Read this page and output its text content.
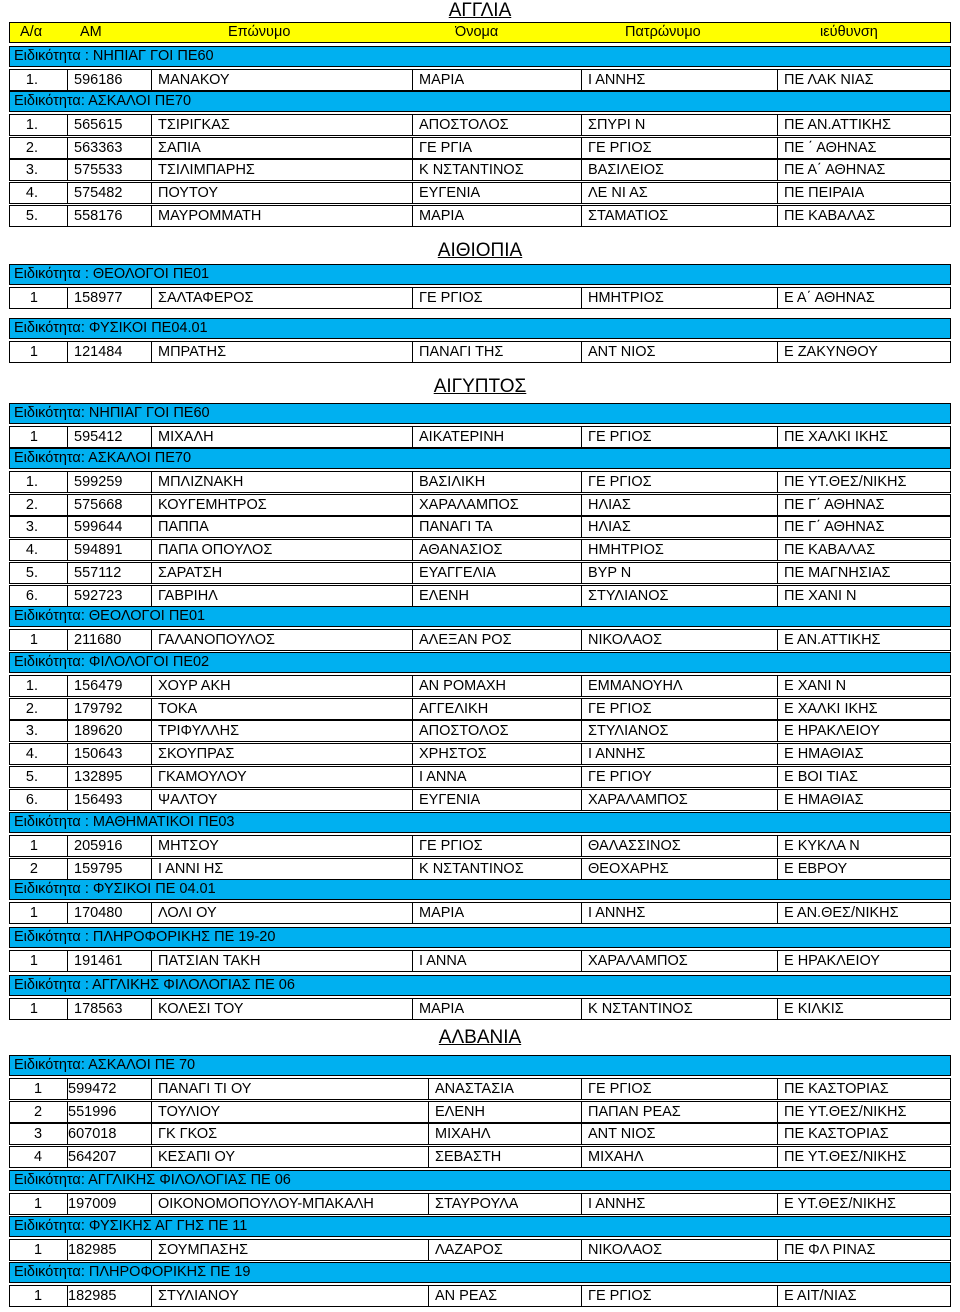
Α/α	ΑΜ	Επώνυμο	Όνομα	Πατρώνυμο	ιεύθυνση
ΑΓΓΛΙΑ
Ειδικότητα : ΝΗΠΙΑΓ ΓΟΙ ΠΕ60
1. 596186 ΜΑΝΑΚΟΥ	ΜΑΡΙΑ	Ι ΑΝΝΗΣ	ΠΕ ΛΑΚ ΝΙΑΣ
Ειδικότητα: ΑΣΚΑΛΟΙ ΠΕ70
1. 565615 ΤΣΙΡΙΓΚΑΣ	ΑΠΟΣΤΟΛΟΣ	ΣΠΥΡΙ Ν	ΠΕ ΑΝ.ΑΤΤΙΚΗΣ
2. 563363 ΣΑΠΙΑ	ΓΕ ΡΓΙΑ	ΓΕ ΡΓΙΟΣ	ΠΕ ΄ ΑΘΗΝΑΣ
3. 575533 ΤΣΙΛΙΜΠΑΡΗΣ	Κ ΝΣΤΑΝΤΙΝΟΣ	ΒΑΣΙΛΕΙΟΣ	ΠΕ Α΄ ΑΘΗΝΑΣ
4. 575482 ΠΟΥΤΟΥ	ΕΥΓΕΝΙΑ	ΛΕ ΝΙ ΑΣ	ΠΕ ΠΕΙΡΑΙΑ
5. 558176 ΜΑΥΡΟΜΜΑΤΗ	ΜΑΡΙΑ	ΣΤΑΜΑΤΙΟΣ	ΠΕ ΚΑΒΑΛΑΣ
ΑΙΘΙΟΠΙΑ
Ειδικότητα : ΘΕΟΛΟΓΟΙ ΠΕ01
1 158977 ΣΑΛΤΑΦΕΡΟΣ	ΓΕ ΡΓΙΟΣ	ΗΜΗΤΡΙΟΣ	Ε Α΄ ΑΘΗΝΑΣ
Ειδικότητα: ΦΥΣΙΚΟΙ ΠΕ04.01
1 121484 ΜΠΡΑΤΗΣ	ΠΑΝΑΓΙ ΤΗΣ	ΑΝΤ ΝΙΟΣ	Ε ΖΑΚΥΝΘΟΥ
ΑΙΓΥΠΤΟΣ
Ειδικότητα: ΝΗΠΙΑΓ ΓΟΙ ΠΕ60
1 595412 ΜΙΧΑΛΗ	ΑΙΚΑΤΕΡΙΝΗ	ΓΕ ΡΓΙΟΣ	ΠΕ ΧΑΛΚΙ ΙΚΗΣ
Ειδικότητα: ΑΣΚΑΛΟΙ ΠΕ70
1. 599259 ΜΠΛΙΖΝΑΚΗ	ΒΑΣΙΛΙΚΗ	ΓΕ ΡΓΙΟΣ	ΠΕ ΥΤ.ΘΕΣ/ΝΙΚΗΣ
2. 575668 ΚΟΥΓΕΜΗΤΡΟΣ	ΧΑΡΑΛΑΜΠΟΣ	ΗΛΙΑΣ	ΠΕ Γ΄ ΑΘΗΝΑΣ
3. 599644 ΠΑΠΠΑ	ΠΑΝΑΓΙ ΤΑ	ΗΛΙΑΣ	ΠΕ Γ΄ ΑΘΗΝΑΣ
4. 594891 ΠΑΠΑ ΟΠΟΥΛΟΣ	ΑΘΑΝΑΣΙΟΣ	ΗΜΗΤΡΙΟΣ	ΠΕ ΚΑΒΑΛΑΣ
5. 557112	ΣΑΡΑΤΣΗ	ΕΥΑΓΓΕΛΙΑ	ΒΥΡ Ν	ΠΕ ΜΑΓΝΗΣΙΑΣ
6. 592723 ΓΑΒΡΙΗΛ	ΕΛΕΝΗ	ΣΤΥΛΙΑΝΟΣ	ΠΕ ΧΑΝΙ Ν
Ειδικότητα: ΘΕΟΛΟΓΟΙ ΠΕ01
1 211680	ΓΑΛΑΝΟΠΟΥΛΟΣ	ΑΛΕΞΑΝ ΡΟΣ	ΝΙΚΟΛΑΟΣ	Ε ΑΝ.ΑΤΤΙΚΗΣ
Ειδικότητα: ΦΙΛΟΛΟΓΟΙ ΠΕ02
1. 156479 ΧΟΥΡ ΑΚΗ	ΑΝ ΡΟΜΑΧΗ	ΕΜΜΑΝΟΥΗΛ	Ε ΧΑΝΙ Ν
2. 179792 ΤΟΚΑ	ΑΓΓΕΛΙΚΗ	ΓΕ ΡΓΙΟΣ	Ε ΧΑΛΚΙ ΙΚΗΣ
3. 189620 ΤΡΙΦΥΛΛΗΣ	ΑΠΟΣΤΟΛΟΣ	ΣΤΥΛΙΑΝΟΣ	Ε ΗΡΑΚΛΕΙΟΥ
4. 150643 ΣΚΟΥΠΡΑΣ	ΧΡΗΣΤΟΣ	Ι ΑΝΝΗΣ	Ε ΗΜΑΘΙΑΣ
5. 132895 ΓΚΑΜΟΥΛΟΥ	Ι ΑΝΝΑ	ΓΕ ΡΓΙΟΥ	Ε ΒΟΙ ΤΙΑΣ
6. 156493 ΨΑΛΤΟΥ	ΕΥΓΕΝΙΑ	ΧΑΡΑΛΑΜΠΟΣ	Ε ΗΜΑΘΙΑΣ
Ειδικότητα : ΜΑΘΗΜΑΤΙΚΟΙ ΠΕ03
1 205916 ΜΗΤΣΟΥ	ΓΕ ΡΓΙΟΣ	ΘΑΛΑΣΣΙΝΟΣ	Ε ΚΥΚΛΑ Ν
2 159795 Ι ΑΝΝΙ ΗΣ	Κ ΝΣΤΑΝΤΙΝΟΣ	ΘΕΟΧΑΡΗΣ	Ε ΕΒΡΟΥ
Ειδικότητα : ΦΥΣΙΚΟΙ ΠΕ 04.01
1 170480 ΛΟΛΙ ΟΥ	ΜΑΡΙΑ	Ι ΑΝΝΗΣ	Ε ΑΝ.ΘΕΣ/ΝΙΚΗΣ
Ειδικότητα : ΠΛΗΡΟΦΟΡΙΚΗΣ ΠΕ 19-20
1 191461 ΠΑΤΣΙΑΝ ΤΑΚΗ	Ι ΑΝΝΑ	ΧΑΡΑΛΑΜΠΟΣ	Ε ΗΡΑΚΛΕΙΟΥ
Ειδικότητα : ΑΓΓΛΙΚΗΣ ΦΙΛΟΛΟΓΙΑΣ ΠΕ 06
1 178563 ΚΟΛΕΣΙ ΤΟΥ	ΜΑΡΙΑ	Κ ΝΣΤΑΝΤΙΝΟΣ	Ε ΚΙΛΚΙΣ
ΑΛΒΑΝΙΑ
Ειδικότητα: ΑΣΚΑΛΟΙ ΠΕ 70
1 599472	ΠΑΝΑΓΙ ΤΙ ΟΥ	ΑΝΑΣΤΑΣΙΑ	ΓΕ ΡΓΙΟΣ	ΠΕ ΚΑΣΤΟΡΙΑΣ
2 551996	ΤΟΥΛΙΟΥ	ΕΛΕΝΗ	ΠΑΠΑΝ ΡΕΑΣ	ΠΕ ΥΤ.ΘΕΣ/ΝΙΚΗΣ
3 607018	ΓΚ ΓΚΟΣ	ΜΙΧΑΗΛ	ΑΝΤ ΝΙΟΣ	ΠΕ ΚΑΣΤΟΡΙΑΣ
4 564207	ΚΕΣΑΠΙ ΟΥ	ΣΕΒΑΣΤΗ	ΜΙΧΑΗΛ	ΠΕ ΥΤ.ΘΕΣ/ΝΙΚΗΣ
Ειδικότητα: ΑΓΓΛΙΚΗΣ ΦΙΛΟΛΟΓΙΑΣ ΠΕ 06
1 197009	ΟΙΚΟΝΟΜΟΠΟΥΛΟΥ-ΜΠΑΚΑΛΗ	ΣΤΑΥΡΟΥΛΑ	Ι ΑΝΝΗΣ	Ε ΥΤ.ΘΕΣ/ΝΙΚΗΣ
Ειδικότητα: ΦΥΣΙΚΗΣ ΑΓ ΓΗΣ ΠΕ 11
1 182985	ΣΟΥΜΠΑΣΗΣ	ΛΑΖΑΡΟΣ	ΝΙΚΟΛΑΟΣ	ΠΕ ΦΛ ΡΙΝΑΣ
Ειδικότητα: ΠΛΗΡΟΦΟΡΙΚΗΣ ΠΕ 19
1 182985	ΣΤΥΛΙΑΝΟΥ	ΑΝ ΡΕΑΣ	ΓΕ ΡΓΙΟΣ	Ε ΑΙΤ/ΝΙΑΣ
